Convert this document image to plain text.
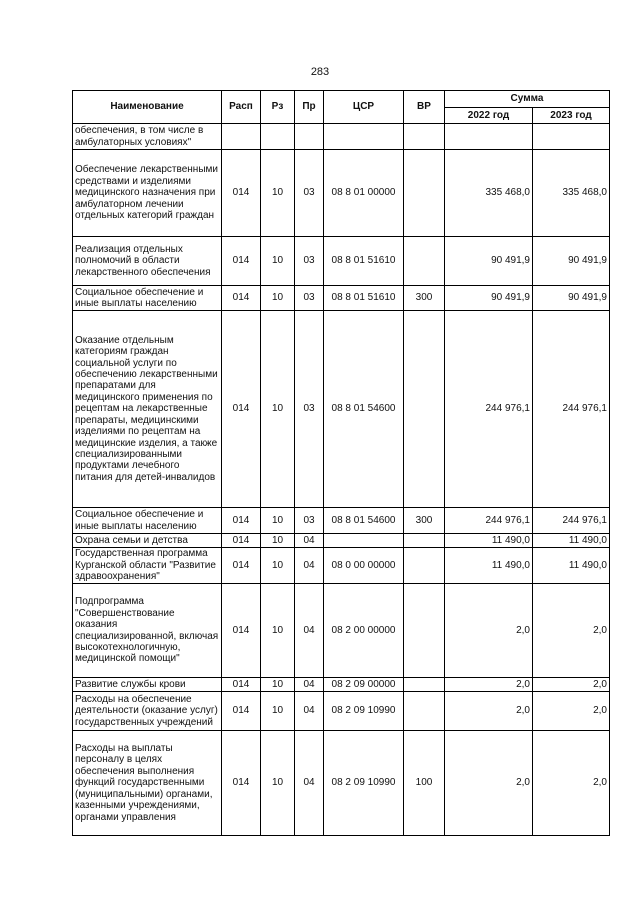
283
Наименование	Расп	Рз	Пр	ЦСР	ВР	Сумма	
						2022 год	2023 год
обеспечения, в том числе в амбулаторных условиях"							
Обеспечение лекарственными средствами и изделиями медицинского назначения при амбулаторном лечении отдельных категорий граждан	014	10	03	08 8 01 00000		335 468,0	335 468,0
Реализация отдельных полномочий в области лекарственного обеспечения	014	10	03	08 8 01 51610		90 491,9	90 491,9
Социальное обеспечение и иные выплаты населению	014	10	03	08 8 01 51610	300	90 491,9	90 491,9
Оказание отдельным категориям граждан социальной услуги по обеспечению лекарственными препаратами для медицинского применения по рецептам на лекарственные препараты, медицинскими изделиями по рецептам на медицинские изделия, а также специализированными продуктами лечебного питания для детей-инвалидов	014	10	03	08 8 01 54600		244 976,1	244 976,1
Социальное обеспечение и иные выплаты населению	014	10	03	08 8 01 54600	300	244 976,1	244 976,1
Охрана семьи и детства	014	10	04			11 490,0	11 490,0
Государственная программа Курганской области "Развитие здравоохранения"	014	10	04	08 0 00 00000		11 490,0	11 490,0
Подпрограмма "Совершенствование оказания специализированной, включая высокотехнологичную, медицинской помощи"	014	10	04	08 2 00 00000		2,0	2,0
Развитие службы крови	014	10	04	08 2 09 00000		2,0	2,0
Расходы на обеспечение деятельности (оказание услуг) государственных учреждений	014	10	04	08 2 09 10990		2,0	2,0
Расходы на выплаты персоналу в целях обеспечения выполнения функций государственными (муниципальными) органами, казенными учреждениями, органами управления	014	10	04	08 2 09 10990	100	2,0	2,0
